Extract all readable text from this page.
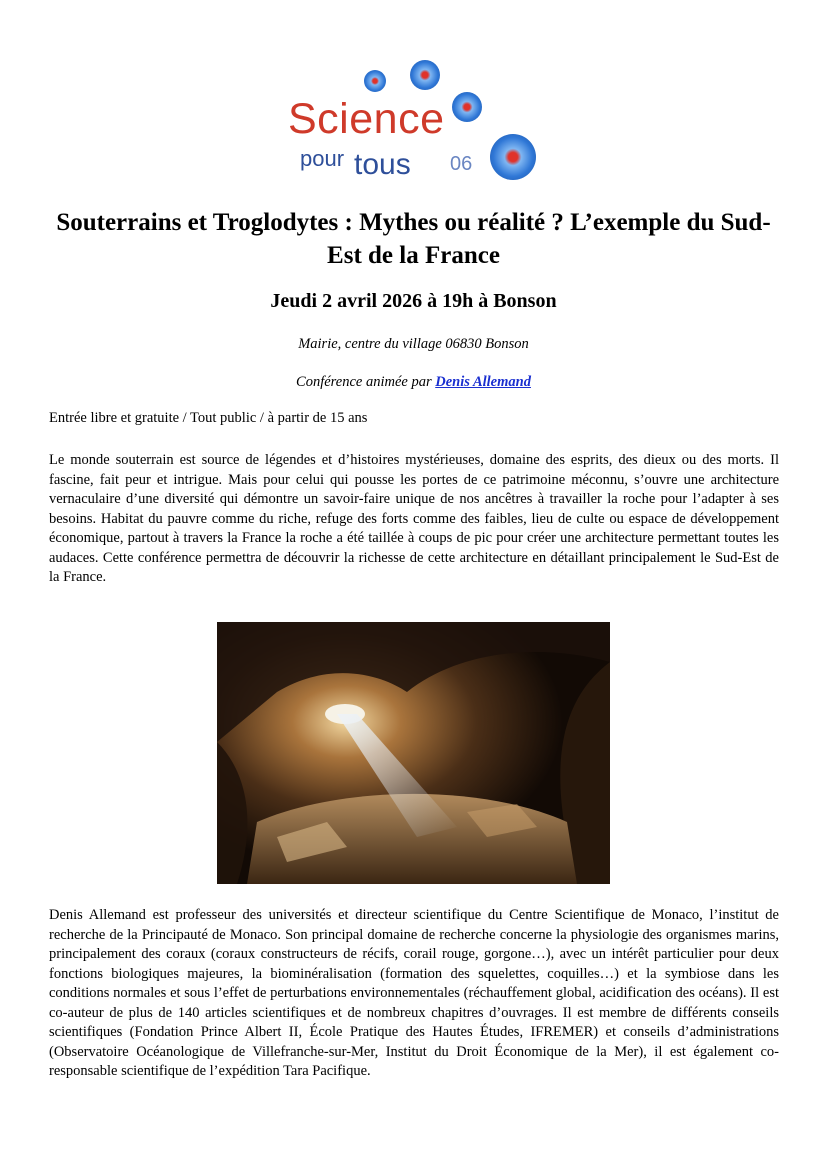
Science
pour tous 06
Souterrains et Troglodytes : Mythes ou réalité ? L’exemple du Sud-Est de la France

Jeudi 2 avril 2026 à 19h à Bonson

Mairie, centre du village 06830 Bonson

Conférence animée par Denis Allemand

Entrée libre et gratuite / Tout public / à partir de 15 ans

Le monde souterrain est source de légendes et d’histoires mystérieuses, domaine des esprits, des dieux ou des morts. Il fascine, fait peur et intrigue. Mais pour celui qui pousse les portes de ce patrimoine méconnu, s’ouvre une architecture vernaculaire d’une diversité qui démontre un savoir-faire unique de nos ancêtres à travailler la roche pour l’adapter à ses besoins. Habitat du pauvre comme du riche, refuge des forts comme des faibles, lieu de culte ou espace de développement économique, partout à travers la France la roche a été taillée à coups de pic pour créer une architecture permettant toutes les audaces. Cette conférence permettra de découvrir la richesse de cette architecture en détaillant principalement le Sud-Est de la France.

Denis Allemand est professeur des universités et directeur scientifique du Centre Scientifique de Monaco, l’institut de recherche de la Principauté de Monaco. Son principal domaine de recherche concerne la physiologie des organismes marins, principalement des coraux (coraux constructeurs de récifs, corail rouge, gorgone…), avec un intérêt particulier pour deux fonctions biologiques majeures, la biominéralisation (formation des squelettes, coquilles…) et la symbiose dans les conditions normales et sous l’effet de perturbations environnementales (réchauffement global, acidification des océans). Il est co-auteur de plus de 140 articles scientifiques et de nombreux chapitres d’ouvrages. Il est membre de différents conseils scientifiques (Fondation Prince Albert II, École Pratique des Hautes Études, IFREMER) et conseils d’administrations (Observatoire Océanologique de Villefranche-sur-Mer, Institut du Droit Économique de la Mer), il est également co-responsable scientifique de l’expédition Tara Pacifique.
